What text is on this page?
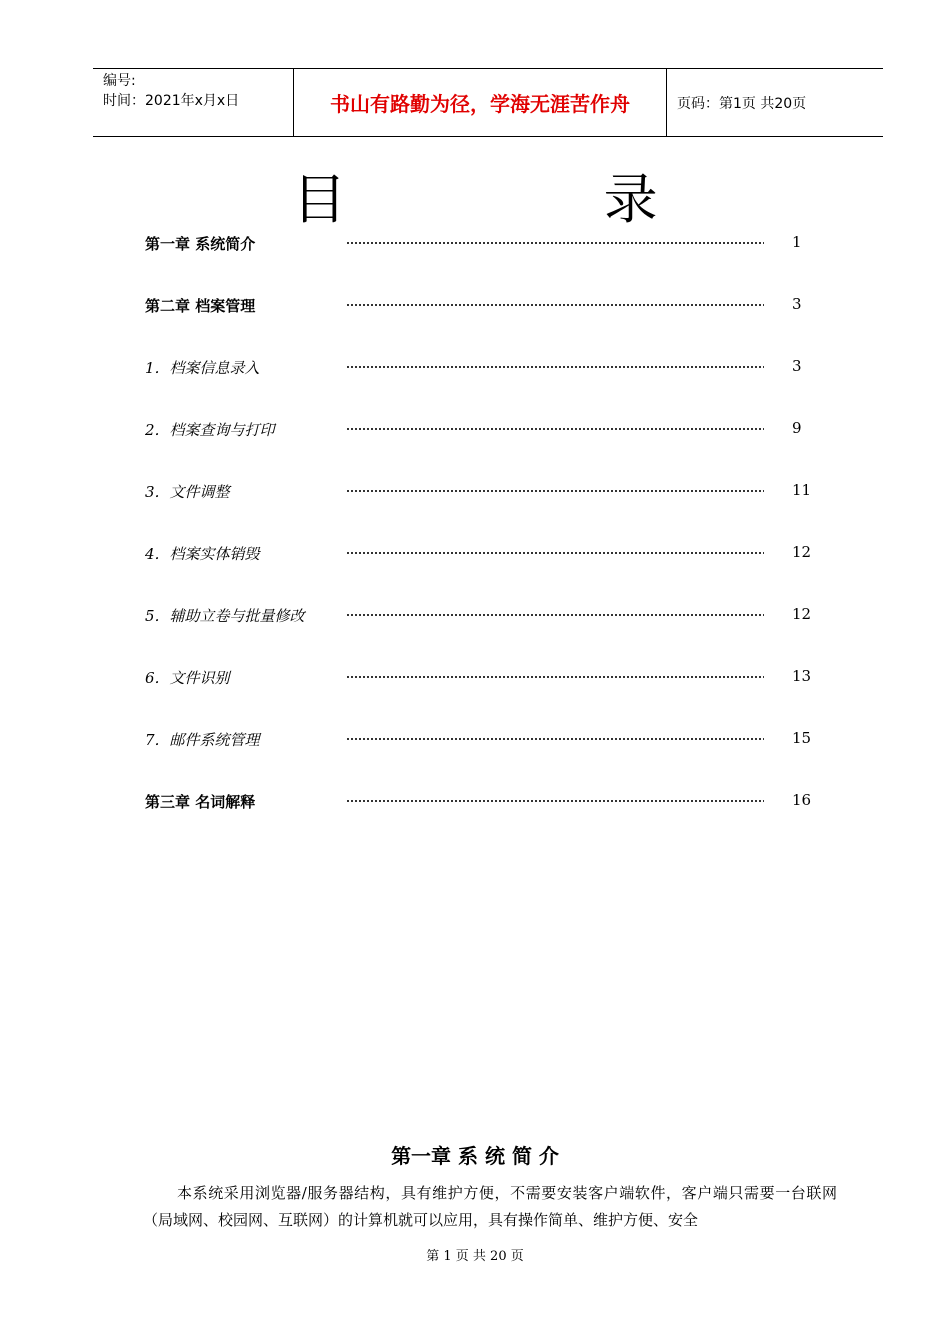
编号:
时间：2021年x月x日	书山有路勤为径，学海无涯苦作舟	页码：第1页 共20页
目 录
第一章 系统简介	1
第二章 档案管理	3
1．档案信息录入	3
2．档案查询与打印	9
3．文件调整	11
4．档案实体销毁	12
5．辅助立卷与批量修改	12
6．文件识别	13
7．邮件系统管理	15
第三章 名词解释	16
第一章 系 统 简 介
本系统采用浏览器/服务器结构，具有维护方便，不需要安装客户端软件，客户端只需要一台联网（局域网、校园网、互联网）的计算机就可以应用，具有操作简单、维护方便、安全
第 1 页 共 20 页
